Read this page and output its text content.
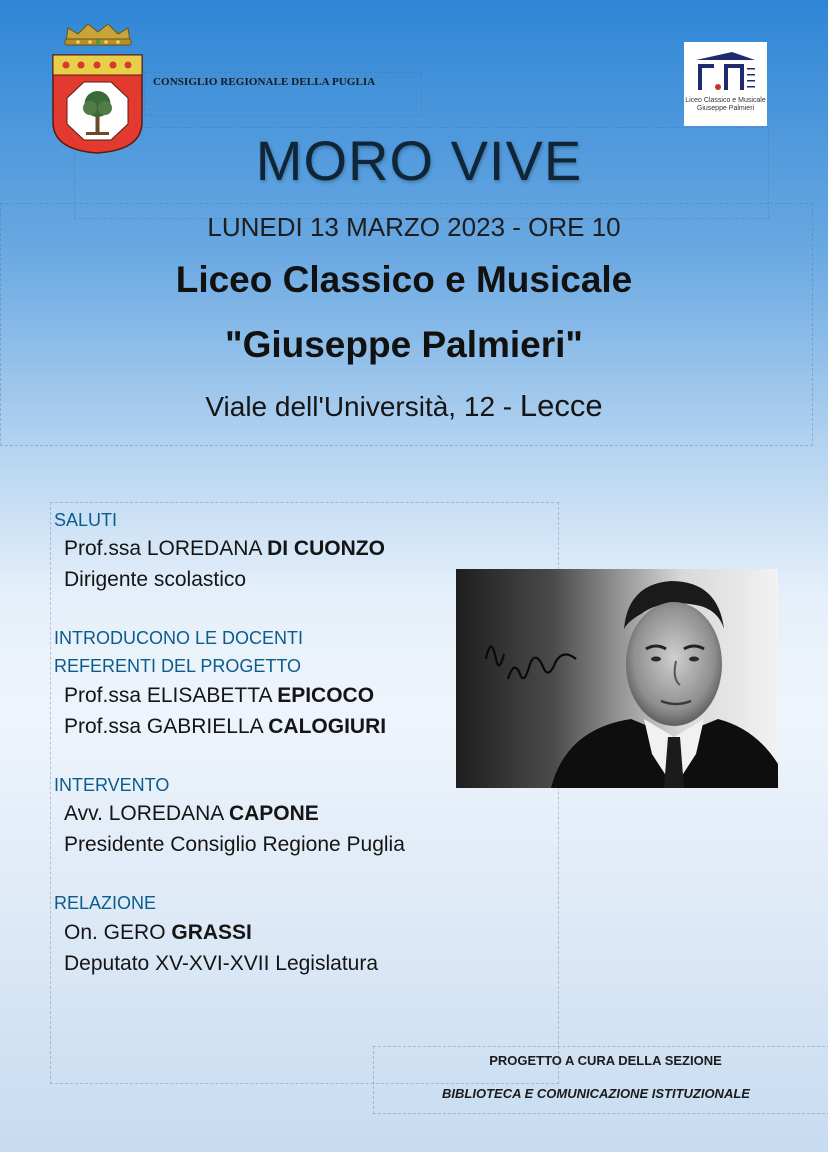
CONSIGLIO REGIONALE DELLA PUGLIA
Liceo Classico e Musicale
Giuseppe Palmieri
MORO VIVE
LUNEDI 13 MARZO 2023 - ORE 10
Liceo Classico e Musicale
"Giuseppe Palmieri"
Viale dell'Università, 12 - Lecce
SALUTI
Prof.ssa LOREDANA DI CUONZO
Dirigente scolastico
INTRODUCONO LE DOCENTI
REFERENTI DEL PROGETTO
Prof.ssa ELISABETTA EPICOCO
Prof.ssa GABRIELLA CALOGIURI
INTERVENTO
Avv. LOREDANA CAPONE
Presidente Consiglio Regione Puglia
RELAZIONE
On. GERO GRASSI
Deputato XV-XVI-XVII Legislatura
PROGETTO A CURA DELLA SEZIONE
BIBLIOTECA E COMUNICAZIONE ISTITUZIONALE
